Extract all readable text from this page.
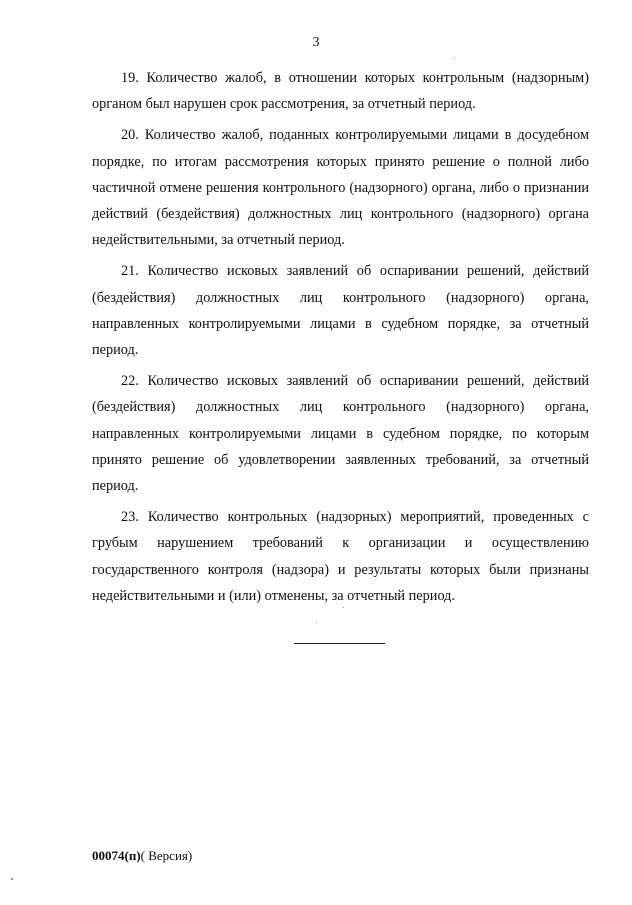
3

19. Количество жалоб, в отношении которых контрольным (надзорным) органом был нарушен срок рассмотрения, за отчетный период.

20. Количество жалоб, поданных контролируемыми лицами в досудебном порядке, по итогам рассмотрения которых принято решение о полной либо частичной отмене решения контрольного (надзорного) органа, либо о признании действий (бездействия) должностных лиц контрольного (надзорного) органа недействительными, за отчетный период.

21. Количество исковых заявлений об оспаривании решений, действий (бездействия) должностных лиц контрольного (надзорного) органа, направленных контролируемыми лицами в судебном порядке, за отчетный период.

22. Количество исковых заявлений об оспаривании решений, действий (бездействия) должностных лиц контрольного (надзорного) органа, направленных контролируемыми лицами в судебном порядке, по которым принято решение об удовлетворении заявленных требований, за отчетный период.

23. Количество контрольных (надзорных) мероприятий, проведенных с грубым нарушением требований к организации и осуществлению государственного контроля (надзора) и результаты которых были признаны недействительными и (или) отменены, за отчетный период.

00074(п)( Версия)
